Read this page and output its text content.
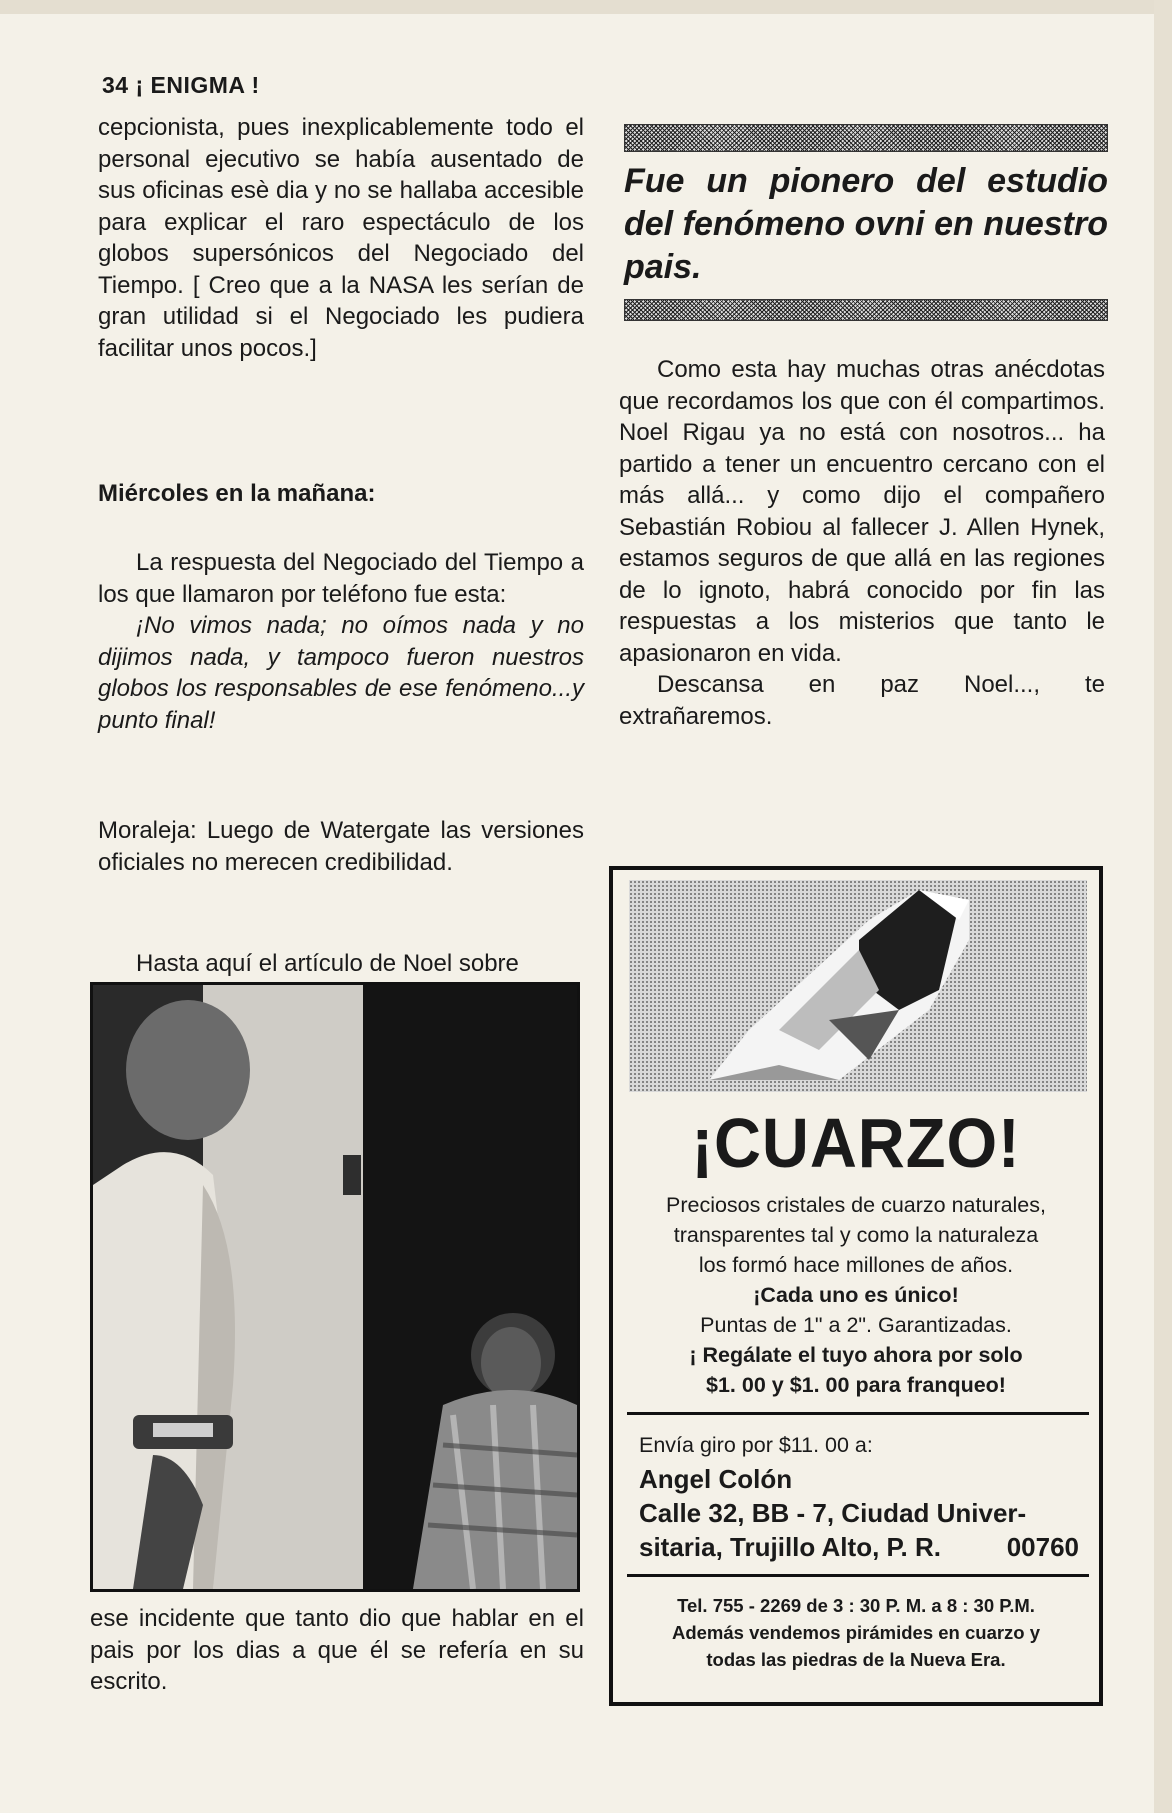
34 ¡ ENIGMA !

cepcionista, pues inexplicablemente todo el personal ejecutivo se había ausentado de sus oficinas esè dia y no se hallaba accesible para explicar el raro espectáculo de los globos supersónicos del Negociado del Tiempo. [ Creo que a la NASA les serían de gran utilidad si el Negociado les pudiera facilitar unos pocos.]

Miércoles en la mañana:

La respuesta del Negociado del Tiempo a los que llamaron por teléfono fue esta:

¡No vimos nada; no oímos nada y no dijimos nada, y tampoco fueron nuestros globos los responsables de ese fenómeno...y punto final!

Moraleja: Luego de Watergate las versiones oficiales no merecen credibilidad.
Hasta aquí el artículo de Noel sobre
ese incidente que tanto dio que hablar en el pais por los dias a que él se refería en su escrito.
Fue un pionero del estudio del fenómeno ovni en nuestro pais.

Como esta hay muchas otras anécdotas que recordamos los que con él compartimos. Noel Rigau ya no está con nosotros... ha partido a tener un encuentro cercano con el más allá... y como dijo el compañero Sebastián Robiou al fallecer J. Allen Hynek, estamos seguros de que allá en las regiones de lo ignoto, habrá conocido por fin las respuestas a los misterios que tanto le apasionaron en vida.

Descansa en paz Noel..., te extrañaremos.

¡CUARZO!
Preciosos cristales de cuarzo naturales,
transparentes tal y como la naturaleza
los formó hace millones de años.
¡Cada uno es único!
Puntas de 1" a 2". Garantizadas.
¡ Regálate el tuyo ahora por solo
$1. 00 y $1. 00 para franqueo!
Envía giro por $11. 00 a:
Angel Colón
Calle 32, BB - 7, Ciudad Univer-
sitaria, Trujillo Alto, P. R.	00760
Tel. 755 - 2269 de 3 : 30 P. M. a 8 : 30 P.M.
Además vendemos pirámides en cuarzo y
todas las piedras de la Nueva Era.
